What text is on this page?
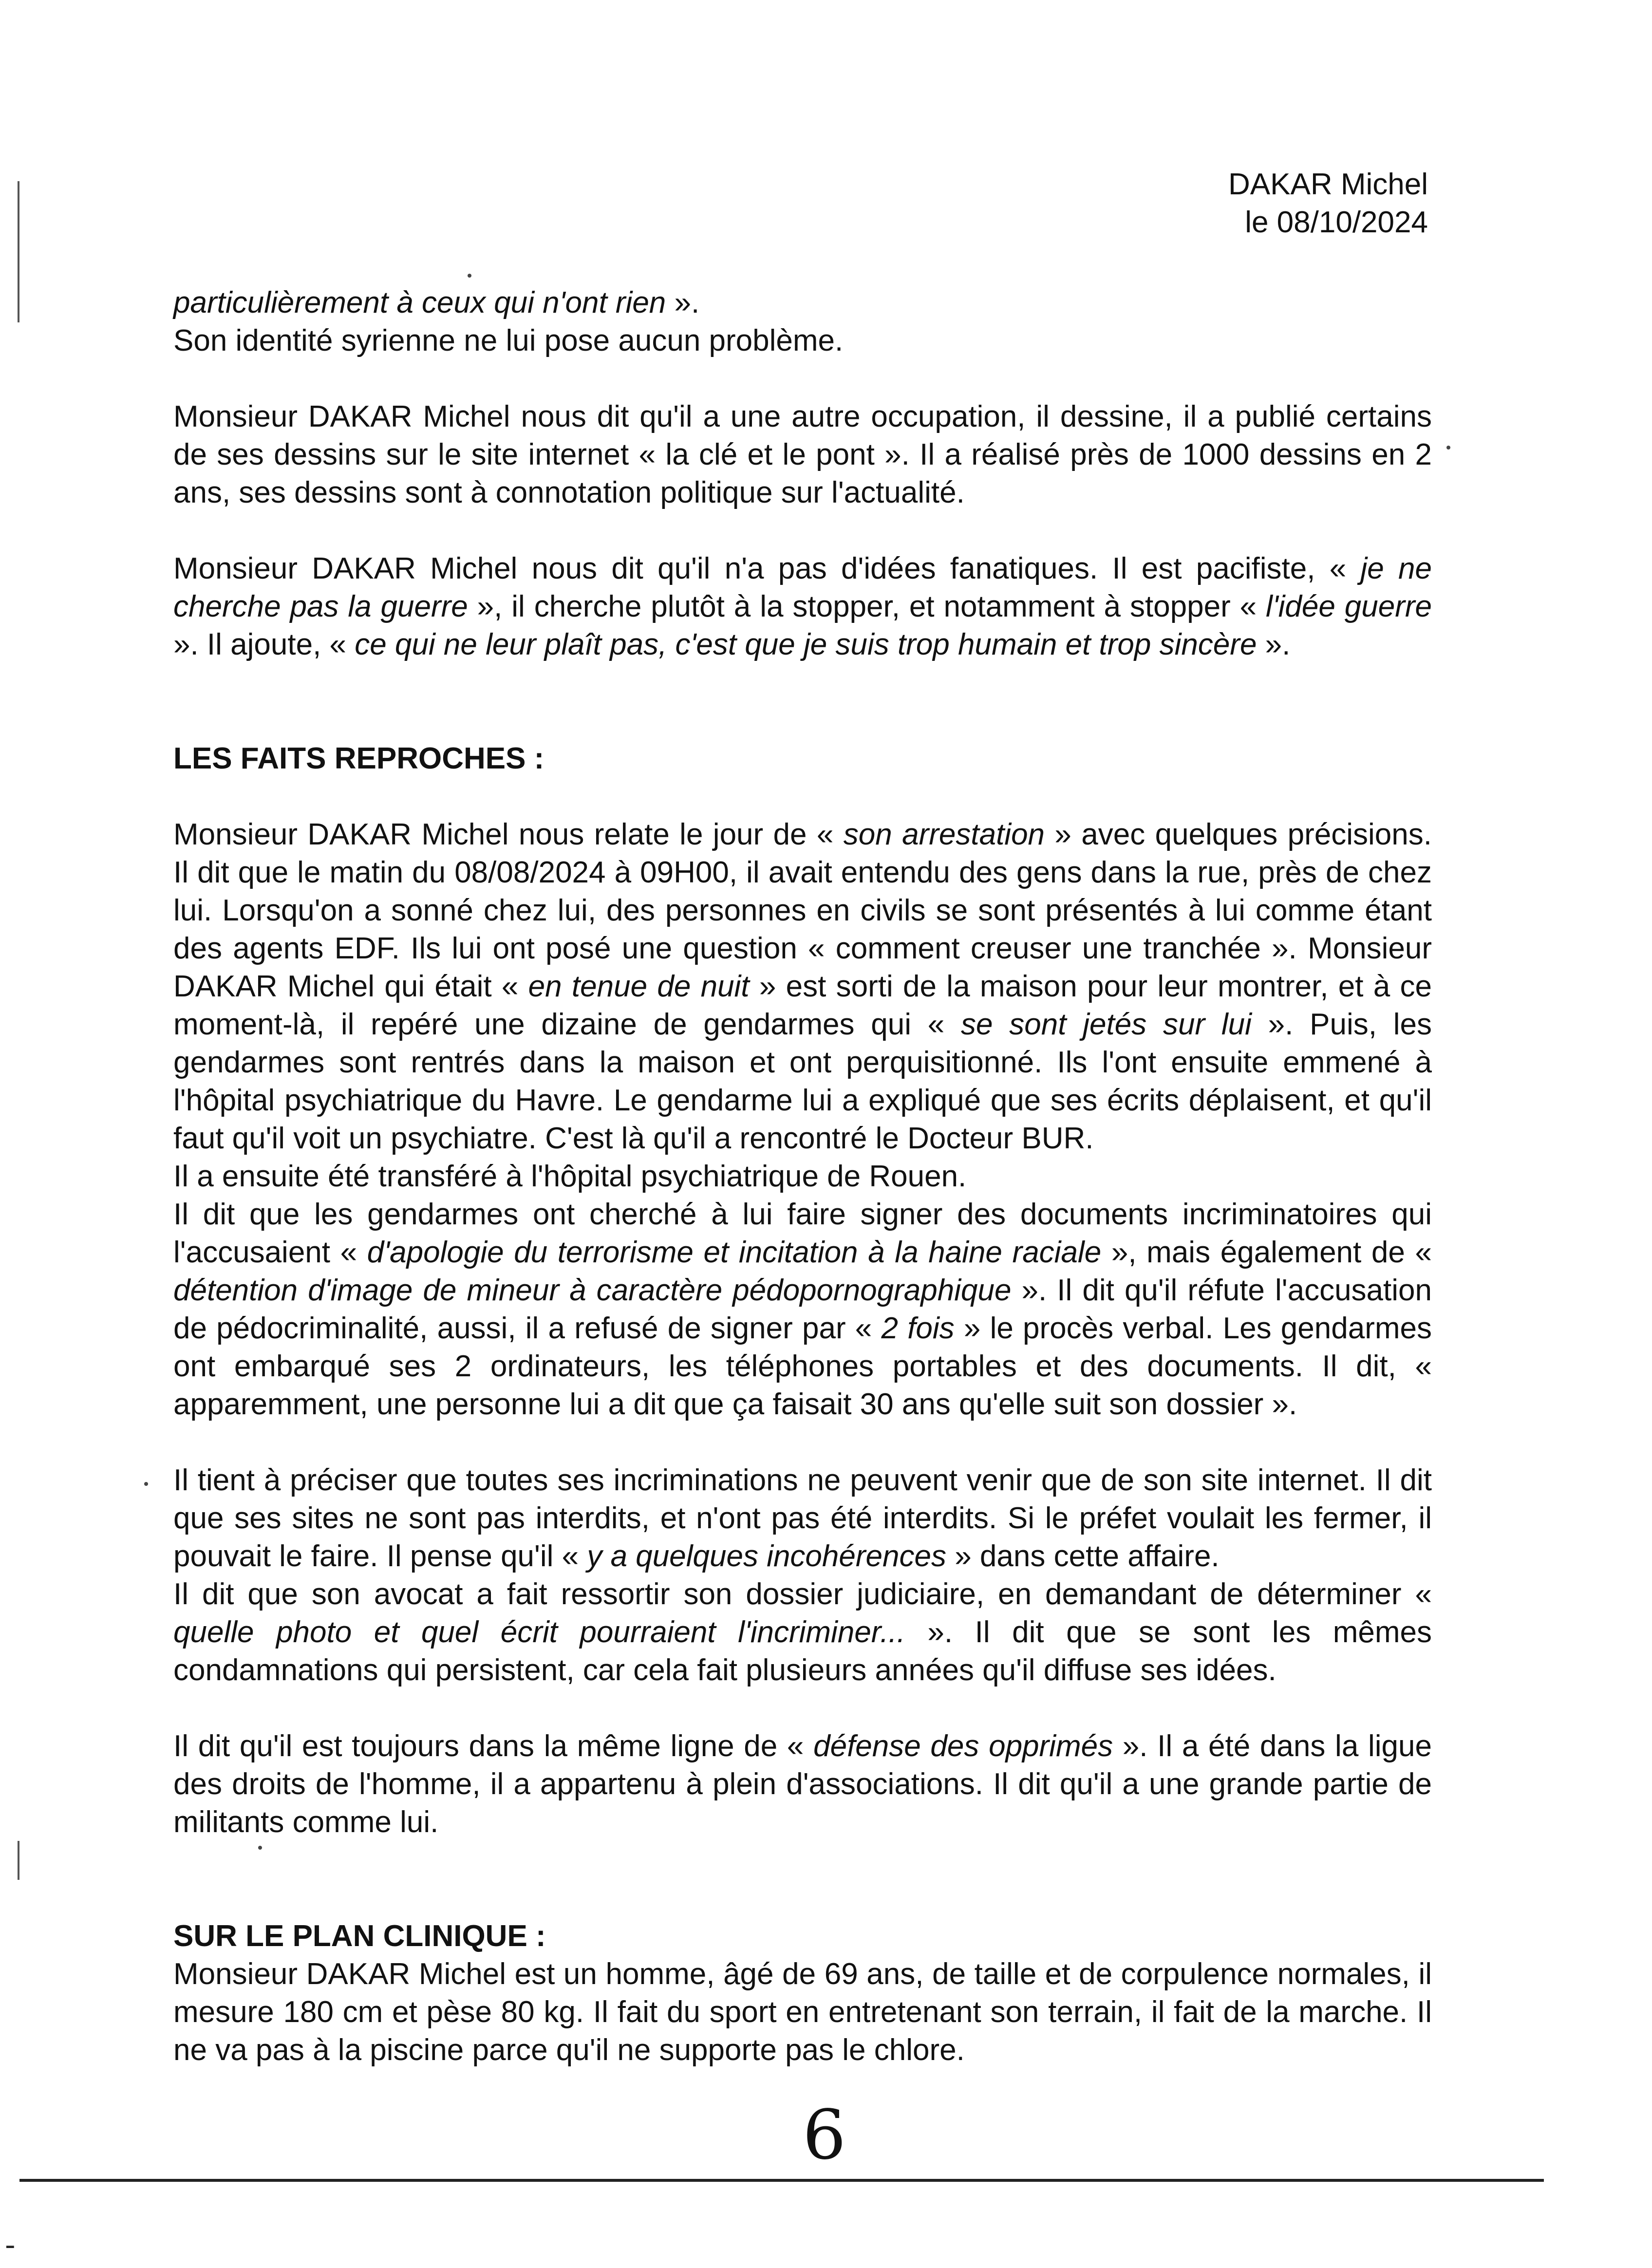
DAKAR Michel
le 08/10/2024

particulièrement à ceux qui n'ont rien ».

Son identité syrienne ne lui pose aucun problème.

Monsieur DAKAR Michel nous dit qu'il a une autre occupation, il dessine, il a publié certains de ses dessins sur le site internet « la clé et le pont ». Il a réalisé près de 1000 dessins en 2 ans, ses dessins sont à connotation politique sur l'actualité.

Monsieur DAKAR Michel nous dit qu'il n'a pas d'idées fanatiques. Il est pacifiste, « je ne cherche pas la guerre », il cherche plutôt à la stopper, et notamment à stopper « l'idée guerre ». Il ajoute, « ce qui ne leur plaît pas, c'est que je suis trop humain et trop sincère ».

LES FAITS REPROCHES :

Monsieur DAKAR Michel nous relate le jour de « son arrestation » avec quelques précisions. Il dit que le matin du 08/08/2024 à 09H00, il avait entendu des gens dans la rue, près de chez lui. Lorsqu'on a sonné chez lui, des personnes en civils se sont présentés à lui comme étant des agents EDF. Ils lui ont posé une question « comment creuser une tranchée ». Monsieur DAKAR Michel qui était « en tenue de nuit » est sorti de la maison pour leur montrer, et à ce moment-là, il repéré une dizaine de gendarmes qui « se sont jetés sur lui ». Puis, les gendarmes sont rentrés dans la maison et ont perquisitionné. Ils l'ont ensuite emmené à l'hôpital psychiatrique du Havre. Le gendarme lui a expliqué que ses écrits déplaisent, et qu'il faut qu'il voit un psychiatre. C'est là qu'il a rencontré le Docteur BUR.

Il a ensuite été transféré à l'hôpital psychiatrique de Rouen.

Il dit que les gendarmes ont cherché à lui faire signer des documents incriminatoires qui l'accusaient « d'apologie du terrorisme et incitation à la haine raciale », mais également de « détention d'image de mineur à caractère pédopornographique ». Il dit qu'il réfute l'accusation de pédocriminalité, aussi, il a refusé de signer par « 2 fois » le procès verbal. Les gendarmes ont embarqué ses 2 ordinateurs, les téléphones portables et des documents. Il dit, « apparemment, une personne lui a dit que ça faisait 30 ans qu'elle suit son dossier ».

Il tient à préciser que toutes ses incriminations ne peuvent venir que de son site internet. Il dit que ses sites ne sont pas interdits, et n'ont pas été interdits. Si le préfet voulait les fermer, il pouvait le faire. Il pense qu'il « y a quelques incohérences » dans cette affaire.

Il dit que son avocat a fait ressortir son dossier judiciaire, en demandant de déterminer « quelle photo et quel écrit pourraient l'incriminer... ». Il dit que se sont les mêmes condamnations qui persistent, car cela fait plusieurs années qu'il diffuse ses idées.

Il dit qu'il est toujours dans la même ligne de « défense des opprimés ». Il a été dans la ligue des droits de l'homme, il a appartenu à plein d'associations. Il dit qu'il a une grande partie de militants comme lui.

SUR LE PLAN CLINIQUE :

Monsieur DAKAR Michel est un homme, âgé de 69 ans, de taille et de corpulence normales, il mesure 180 cm et pèse 80 kg. Il fait du sport en entretenant son terrain, il fait de la marche. Il ne va pas à la piscine parce qu'il ne supporte pas le chlore.

6
-
